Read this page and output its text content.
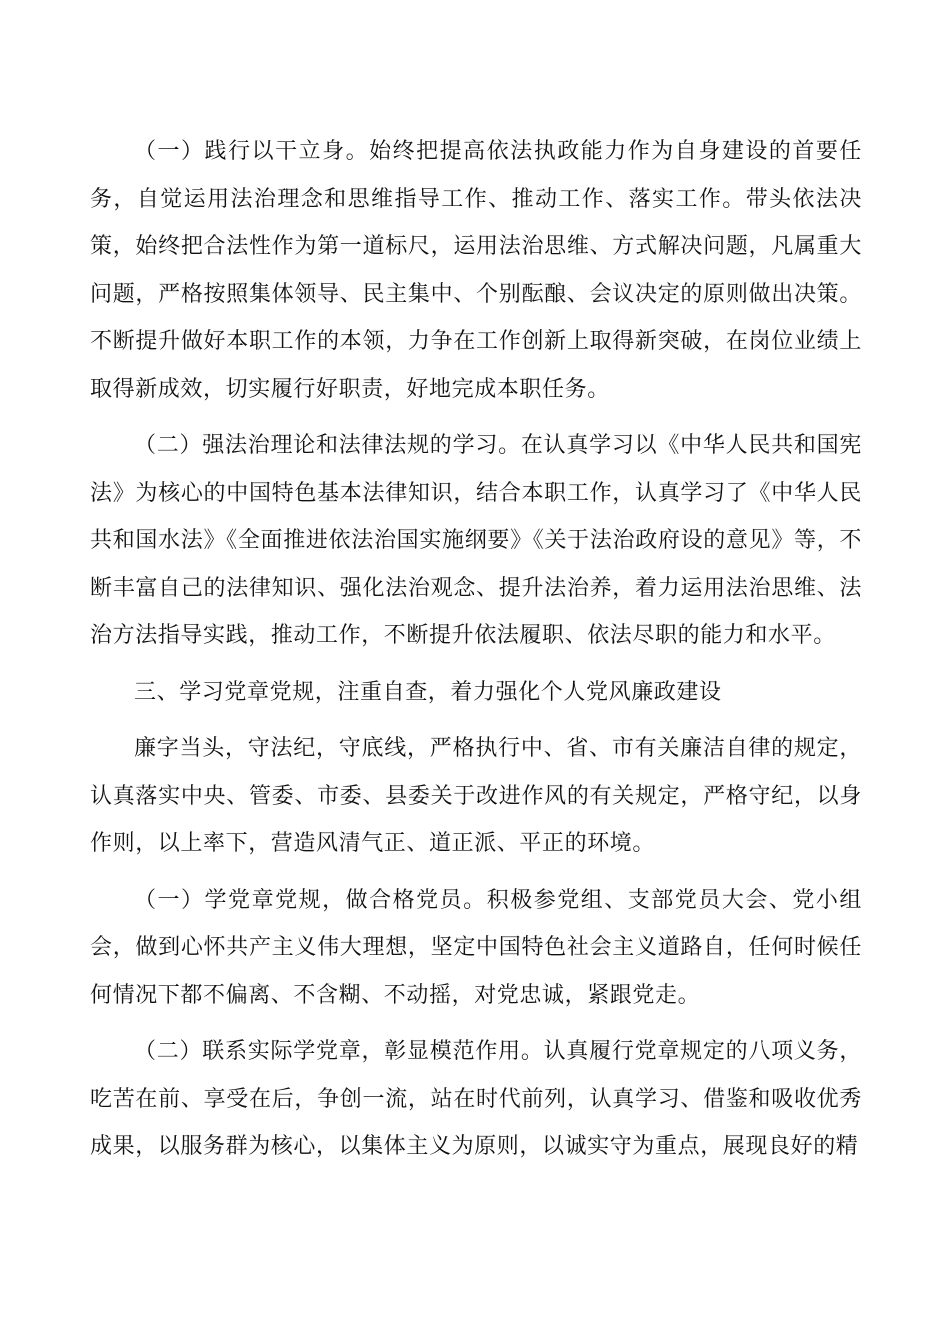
（一）践行以干立身。始终把提高依法执政能力作为自身建设的首要任务，自觉运用法治理念和思维指导工作、推动工作、落实工作。带头依法决策，始终把合法性作为第一道标尺，运用法治思维、方式解决问题，凡属重大问题，严格按照集体领导、民主集中、个别酝酿、会议决定的原则做出决策。不断提升做好本职工作的本领，力争在工作创新上取得新突破，在岗位业绩上取得新成效，切实履行好职责，好地完成本职任务。

（二）强法治理论和法律法规的学习。在认真学习以《中华人民共和国宪法》为核心的中国特色基本法律知识，结合本职工作，认真学习了《中华人民共和国水法》《全面推进依法治国实施纲要》《关于法治政府设的意见》等，不断丰富自己的法律知识、强化法治观念、提升法治养，着力运用法治思维、法治方法指导实践，推动工作，不断提升依法履职、依法尽职的能力和水平。

三、学习党章党规，注重自查，着力强化个人党风廉政建设

廉字当头，守法纪，守底线，严格执行中、省、市有关廉洁自律的规定，认真落实中央、管委、市委、县委关于改进作风的有关规定，严格守纪，以身作则，以上率下，营造风清气正、道正派、平正的环境。

（一）学党章党规，做合格党员。积极参党组、支部党员大会、党小组会，做到心怀共产主义伟大理想，坚定中国特色社会主义道路自，任何时候任何情况下都不偏离、不含糊、不动摇，对党忠诚，紧跟党走。

（二）联系实际学党章，彰显模范作用。认真履行党章规定的八项义务，吃苦在前、享受在后，争创一流，站在时代前列，认真学习、借鉴和吸收优秀成果，以服务群为核心，以集体主义为原则，以诚实守为重点，展现良好的精
